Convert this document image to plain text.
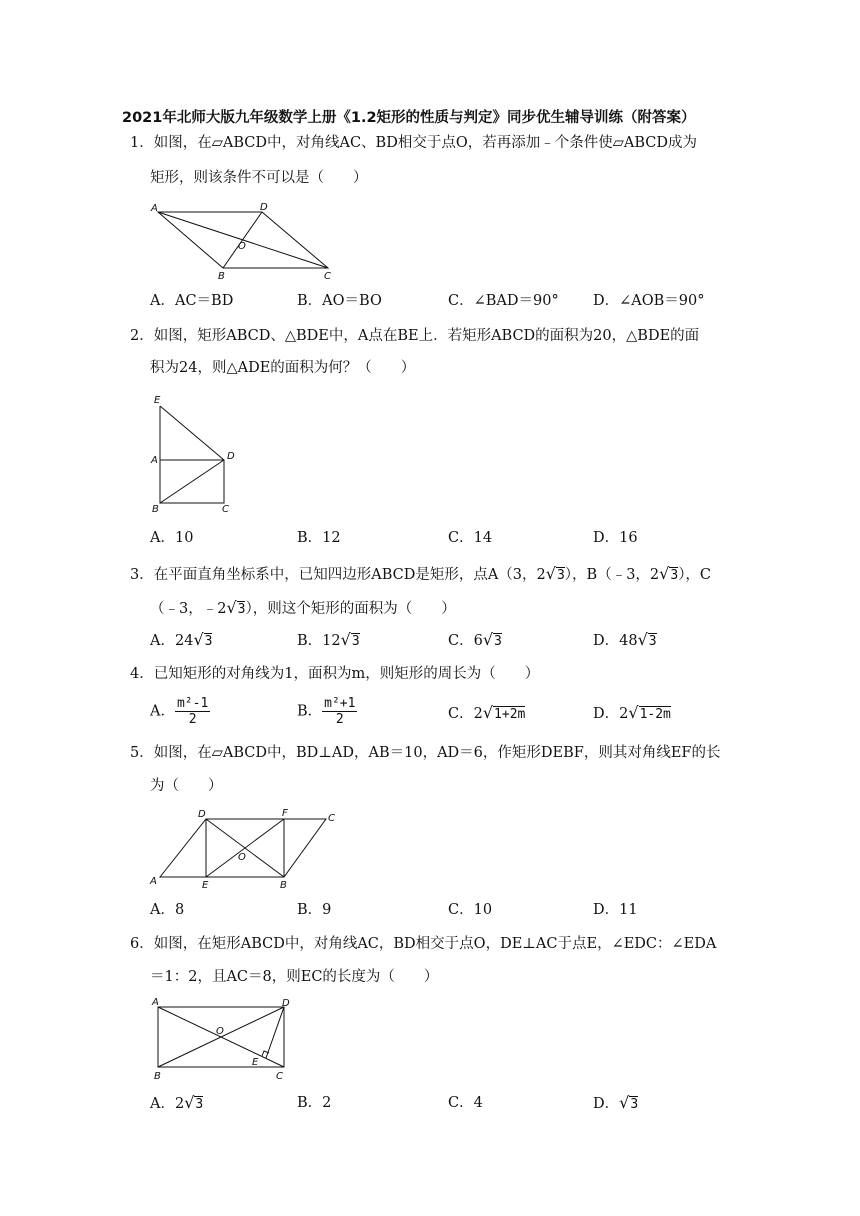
2021年北师大版九年级数学上册《1.2矩形的性质与判定》同步优生辅导训练（附答案）
1．如图，在▱ABCD中，对角线AC、BD相交于点O，若再添加﹣个条件使▱ABCD成为
矩形，则该条件不可以是（　　）
A	D
O
B	C
A．AC＝BD	B．AO＝BO	C．∠BAD＝90° D．∠AOB＝90°
2．如图，矩形ABCD、△BDE中，A点在BE上．若矩形ABCD的面积为20，△BDE的面
积为24，则△ADE的面积为何？（　　）
E
A	D
B	C
A．10	B．12	C．14	D．16
3．在平面直角坐标系中，已知四边形ABCD是矩形，点A（3，2√3），B（﹣3，2√3），C
（﹣3，﹣2√3），则这个矩形的面积为（　　）
A．24√3	B．12√3	C．6√3	D．48√3
4．已知矩形的对角线为1，面积为m，则矩形的周长为（　　）
A． $\frac{\text{m²-1}}{2}$	B． $\frac{\text{m²+1}}{2}$	C．2√1+2m	D．2√1-2m
5．如图，在▱ABCD中，BD⊥AD，AB＝10，AD＝6，作矩形DEBF，则其对角线EF的长
为（　　）
D	F	C
O
A	E	B
A．8	B．9	C．10	D．11
6．如图，在矩形ABCD中，对角线AC，BD相交于点O，DE⊥AC于点E，∠EDC：∠EDA
＝1：2，且AC＝8，则EC的长度为（　　）
A	D
O
E
B	C
A．2√3	B．2	C．4	D．√3
